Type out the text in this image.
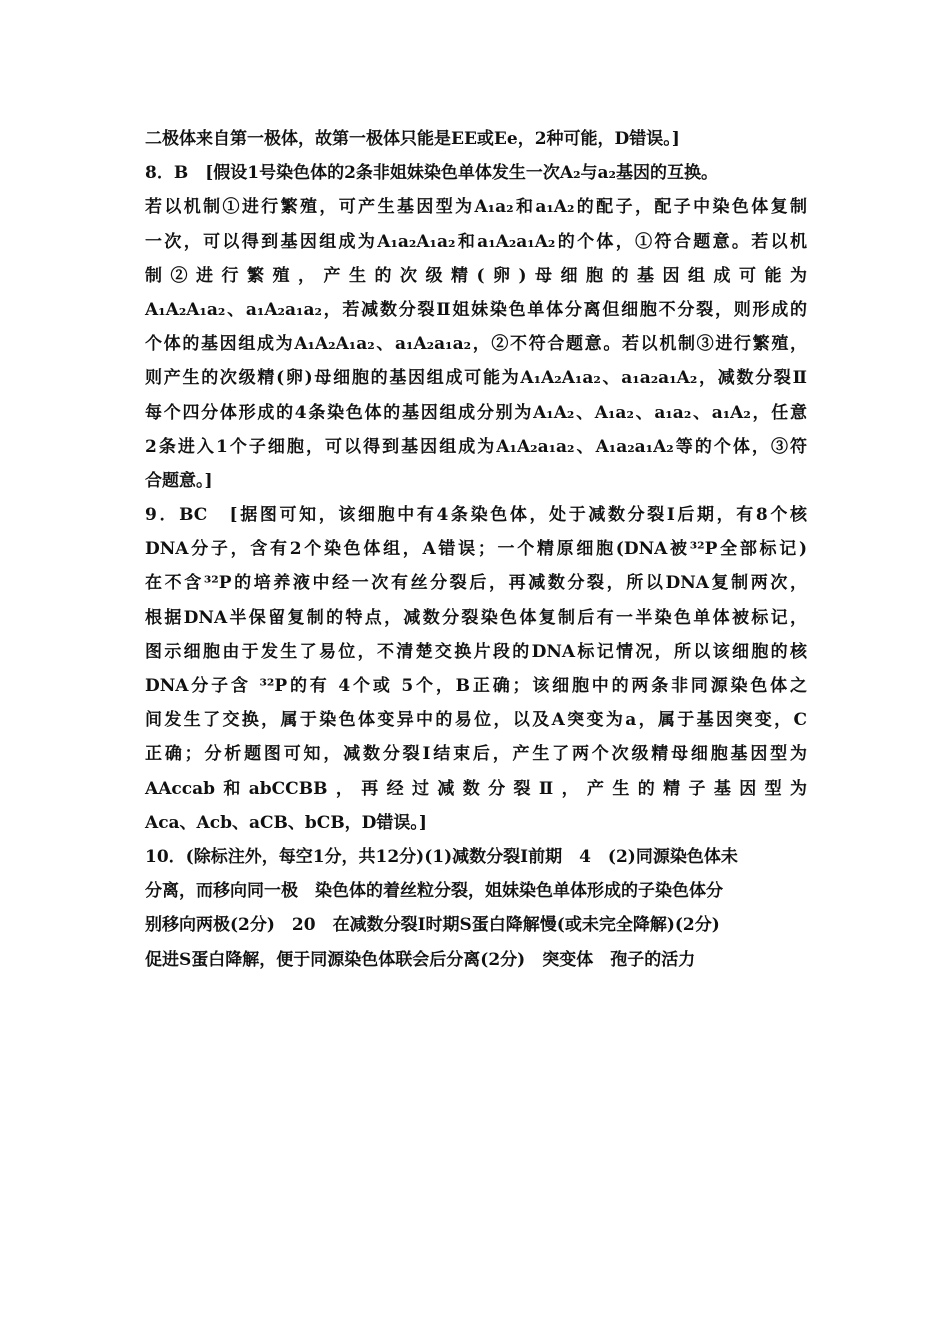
二极体来自第一极体，故第一极体只能是EE或Ee，2种可能，D错误。]
8．B　[假设1号染色体的2条非姐妹染色单体发生一次A₂与a₂基因的互换。
若以机制①进行繁殖，可产生基因型为A₁a₂和a₁A₂的配子，配子中染色体复制
一次，可以得到基因组成为A₁a₂A₁a₂和a₁A₂a₁A₂的个体，①符合题意。若以机
制②进行繁殖，产生的次级精(卵)母细胞的基因组成可能为
A₁A₂A₁a₂、a₁A₂a₁a₂，若减数分裂Ⅱ姐妹染色单体分离但细胞不分裂，则形成的
个体的基因组成为A₁A₂A₁a₂、a₁A₂a₁a₂，②不符合题意。若以机制③进行繁殖，
则产生的次级精(卵)母细胞的基因组成可能为A₁A₂A₁a₂、a₁a₂a₁A₂，减数分裂Ⅱ
每个四分体形成的4条染色体的基因组成分别为A₁A₂、A₁a₂、a₁a₂、a₁A₂，任意
2条进入1个子细胞，可以得到基因组成为A₁A₂a₁a₂、A₁a₂a₁A₂等的个体，③符
合题意。]
9．BC　[据图可知，该细胞中有4条染色体，处于减数分裂Ⅰ后期，有8个核
DNA分子，含有2个染色体组，A错误；一个精原细胞(DNA被³²P全部标记)
在不含³²P的培养液中经一次有丝分裂后，再减数分裂，所以DNA复制两次，
根据DNA半保留复制的特点，减数分裂染色体复制后有一半染色单体被标记，
图示细胞由于发生了易位，不清楚交换片段的DNA标记情况，所以该细胞的核
DNA分子含 ³²P的有 4个或 5个，B正确；该细胞中的两条非同源染色体之
间发生了交换，属于染色体变异中的易位，以及A突变为a，属于基因突变，C
正确；分析题图可知，减数分裂Ⅰ结束后，产生了两个次级精母细胞基因型为
AAccab和abCCBB，再经过减数分裂Ⅱ，产生的精子基因型为
Aca、Acb、aCB、bCB，D错误。]
10．(除标注外，每空1分，共12分)(1)减数分裂Ⅰ前期　4　(2)同源染色体未
分离，而移向同一极　染色体的着丝粒分裂，姐妹染色单体形成的子染色体分
别移向两极(2分)　20　在减数分裂Ⅰ时期S蛋白降解慢(或未完全降解)(2分)
促进S蛋白降解，便于同源染色体联会后分离(2分)　突变体　孢子的活力
